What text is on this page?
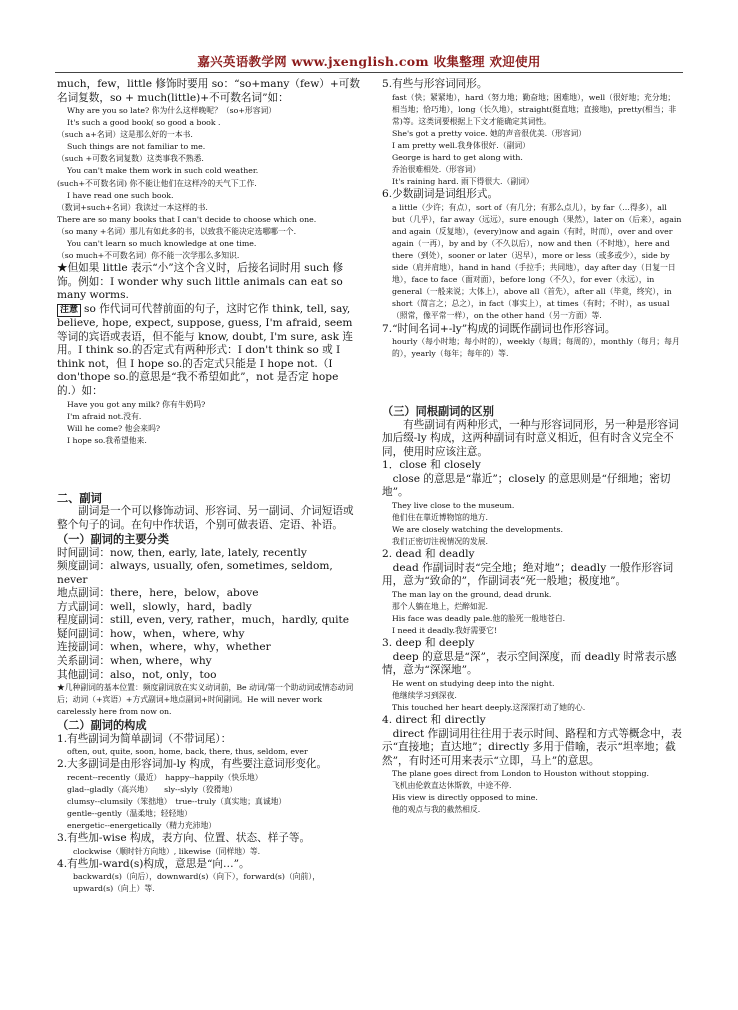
嘉兴英语教学网 www.jxenglish.com 收集整理 欢迎使用

much，few，little 修饰时要用 so：“so+many（few）+可数名词复数，so + much(little)+不可数名词”如：

Why are you so late? 你为什么这样晚呢？（so+形容词）

It's such a good book( so good a book .

（such a+名词）这是那么好的一本书.

Such things are not familiar to me.

（such +可数名词复数）这类事我不熟悉.

You can't make them work in such cold weather.

(such+不可数名词) 你不能让他们在这样冷的天气下工作.

I have read one such book.

（数词+such+名词）我读过一本这样的书.

There are so many books that I can't decide to choose which one.

（so many +名词）那儿有如此多的书，以致我不能决定选哪哪一个.

You can't learn so much knowledge at one time.

（so much+不可数名词）你不能一次学那么多知识.

★但如果 little 表示“小”这个含义时，后接名词时用 such 修饰。例如：I wonder why such little animals can eat so many worms.

注意 so 作代词可代替前面的句子，这时它作 think, tell, say, believe, hope, expect, suppose, guess, I'm afraid, seem 等词的宾语或表语，但不能与 know, doubt, I'm sure, ask 连用。I think so.的否定式有两种形式：I don't think so 或 I think not，但 I hope so.的否定式只能是 I hope not.（I don'thope so.的意思是“我不希望如此”，not 是否定 hope 的.）如：

Have you got any milk? 你有牛奶吗?

I'm afraid not.没有.

Will he come? 他会来吗?

I hope so.我希望他来.

二、副词

　　副词是一个可以修饰动词、形容词、另一副词、介词短语或整个句子的词。在句中作状语，个别可做表语、定语、补语。

（一）副词的主要分类

时间副词：now, then, early, late, lately, recently

频度副词：always, usually, ofen, sometimes, seldom, never

地点副词：there，here，below，above

方式副词：well，slowly，hard，badly

程度副词：still, even, very, rather，much，hardly, quite

疑问副词：how，when，where, why

连接副词：when，where，why，whether

关系副词：when, where，why

其他副词：also，not, only，too

★几种副词的基本位置：频度副词放在实义动词前，Be 动词/第一个助动词或情态动词后；动词（+宾语）+方式副词+地点副词+时间副词。He will never work carelessly here from now on.

（二）副词的构成

1.有些副词为简单副词（不带词尾）：

often, out, quite, soon, home, back, there, thus, seldom, ever

2.大多副词是由形容词加-ly 构成，有些要注意词形变化。

recent--recently（最近）　happy--happily（快乐地）

glad--gladly（高兴地）　　sly--slyly（狡猾地）

clumsy--clumsily（笨拙地）　true--truly（真实地；真诚地）

gentle--gently（温柔地；轻轻地）

energetic--energetically（精力充沛地）

3.有些加-wise 构成，表方向、位置、状态、样子等。

clockwise（顺时针方向地）, likewise（同样地）等.

4.有些加-ward(s)构成，意思是“向…”。

backward(s)（向后），downward(s)（向下），forward(s)（向前），upward(s)（向上）等.

5.有些与形容词同形。

fast（快；紧紧地），hard（努力地；勤奋地；困难地），well（很好地；充分地；相当地；恰巧地），long（长久地），straight(挺直地；直接地)，pretty(相当；非常)等。这类词要根据上下文才能确定其词性。

She's got a pretty voice. 她的声音很优美.（形容词）

I am pretty well.我身体很好.（副词）

George is hard to get along with.

乔治很难相处.（形容词）

It's raining hard. 雨下得很大.（副词）

6.少数副词是词组形式。

a little（少许；有点），sort of（有几分；有那么点儿），by far（…得多），all but（几乎），far away（远远），sure enough（果然），later on（后来），again and again（反复地），(every)now and again（有时，时而），over and over again（一再），by and by（不久以后），now and then（不时地），here and there（到处），sooner or later（迟早），more or less（或多或少），side by side（肩并肩地），hand in hand（手拉手；共同地），day after day（日复一日地），face to face（面对面），before long（不久），for ever（永远），in general（一般来说；大体上），above all（首先），after all（毕竟，终究），in short（简言之；总之），in fact（事实上），at times（有时；不时），as usual（照常，像平常一样），on the other hand（另一方面）等.

7.“时间名词+-ly”构成的词既作副词也作形容词。

hourly（每小时地；每小时的），weekly（每周；每周的），monthly（每月；每月的），yearly（每年；每年的）等.

（三）同根副词的区别

　　有些副词有两种形式，一种与形容词同形，另一种是形容词加后缀-ly 构成，这两种副词有时意义相近，但有时含义完全不同，使用时应该注意。

1．close 和 closely

　close 的意思是“靠近”；closely 的意思则是“仔细地；密切地”。

They live close to the museum.

他们住在靠近博物馆的地方.

We are closely watching the developments.

我们正密切注视情况的发展.

2. dead 和 deadly

　dead 作副词时表“完全地；绝对地”；deadly 一般作形容词用，意为“致命的”，作副词表“死一般地；极度地”。

The man lay on the ground, dead drunk.

那个人躺在地上，烂醉如泥.

His face was deadly pale.他的脸死一般地苍白.

I need it deadly.我好需要它!

3. deep 和 deeply

　deep 的意思是“深”，表示空间深度，而 deadly 时常表示感情，意为“深深地”。

He went on studying deep into the night.

他继续学习到深夜.

This touched her heart deeply.这深深打动了她的心.

4. direct 和 directly

　direct 作副词用往往用于表示时间、路程和方式等概念中，表示“直接地；直达地”；directly 多用于借喻，表示“坦率地；截然”，有时还可用来表示“立即，马上”的意思。

The plane goes direct from London to Houston without stopping.

飞机由伦敦直达休斯敦，中途不停.

His view is directly opposed to mine.

他的观点与我的截然相反.
